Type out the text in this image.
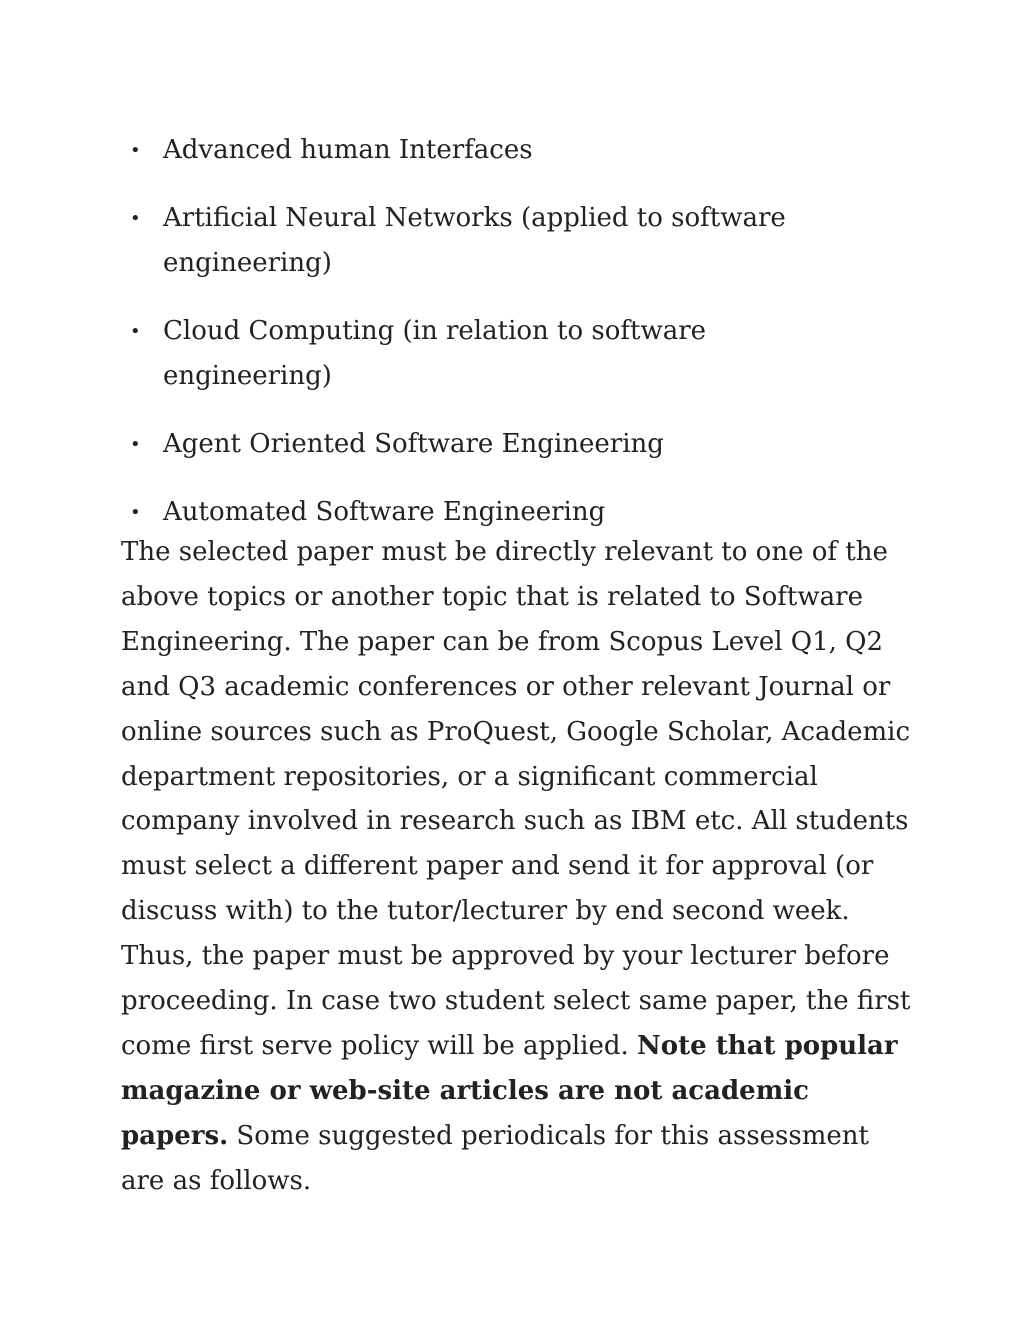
• Advanced human Interfaces
• Artificial Neural Networks (applied to software engineering)
• Cloud Computing (in relation to software engineering)
• Agent Oriented Software Engineering
• Automated Software Engineering

The selected paper must be directly relevant to one of the above topics or another topic that is related to Software Engineering. The paper can be from Scopus Level Q1, Q2 and Q3 academic conferences or other relevant Journal or online sources such as ProQuest, Google Scholar, Academic department repositories, or a significant commercial company involved in research such as IBM etc. All students must select a different paper and send it for approval (or discuss with) to the tutor/lecturer by end second week. Thus, the paper must be approved by your lecturer before proceeding. In case two student select same paper, the first come first serve policy will be applied. Note that popular magazine or web-site articles are not academic papers. Some suggested periodicals for this assessment are as follows.
